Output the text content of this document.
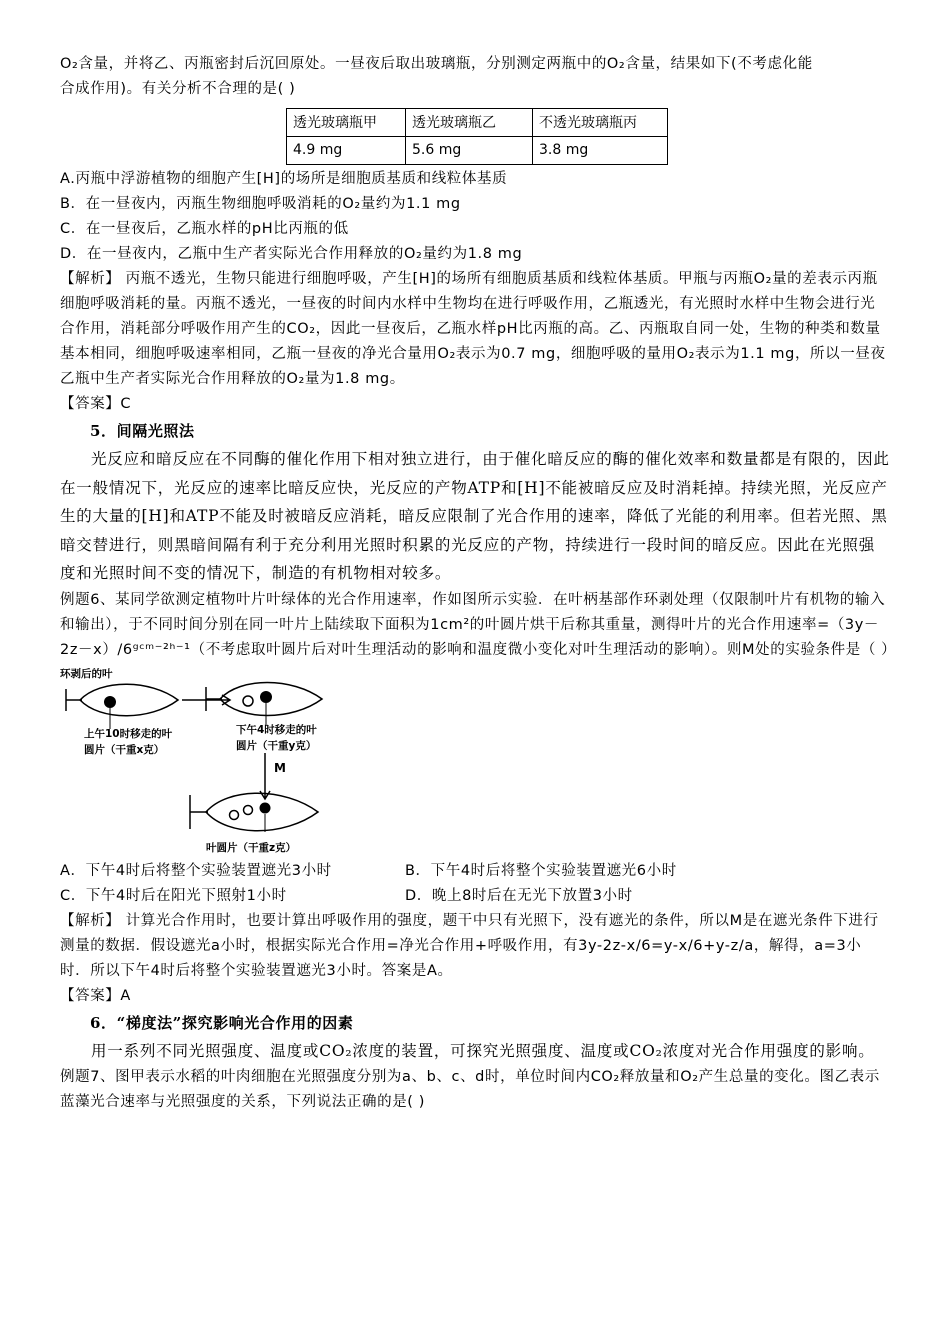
O₂含量，并将乙、丙瓶密封后沉回原处。一昼夜后取出玻璃瓶，分别测定两瓶中的O₂含量，结果如下(不考虑化能

合成作用)。有关分析不合理的是( )

透光玻璃瓶甲	透光玻璃瓶乙	不透光玻璃瓶丙
4.9 mg	5.6 mg	3.8 mg

A.丙瓶中浮游植物的细胞产生[H]的场所是细胞质基质和线粒体基质

B．在一昼夜内，丙瓶生物细胞呼吸消耗的O₂量约为1.1 mg

C．在一昼夜后，乙瓶水样的pH比丙瓶的低

D．在一昼夜内，乙瓶中生产者实际光合作用释放的O₂量约为1.8 mg

【解析】 丙瓶不透光，生物只能进行细胞呼吸，产生[H]的场所有细胞质基质和线粒体基质。甲瓶与丙瓶O₂量的差表示丙瓶细胞呼吸消耗的量。丙瓶不透光，一昼夜的时间内水样中生物均在进行呼吸作用，乙瓶透光，有光照时水样中生物会进行光合作用，消耗部分呼吸作用产生的CO₂，因此一昼夜后，乙瓶水样pH比丙瓶的高。乙、丙瓶取自同一处，生物的种类和数量基本相同，细胞呼吸速率相同，乙瓶一昼夜的净光合量用O₂表示为0.7 mg，细胞呼吸的量用O₂表示为1.1 mg，所以一昼夜乙瓶中生产者实际光合作用释放的O₂量为1.8 mg。

【答案】C

5．间隔光照法

光反应和暗反应在不同酶的催化作用下相对独立进行，由于催化暗反应的酶的催化效率和数量都是有限的，因此在一般情况下，光反应的速率比暗反应快，光反应的产物ATP和[H]不能被暗反应及时消耗掉。持续光照，光反应产生的大量的[H]和ATP不能及时被暗反应消耗，暗反应限制了光合作用的速率，降低了光能的利用率。但若光照、黑暗交替进行，则黑暗间隔有利于充分利用光照时积累的光反应的产物，持续进行一段时间的暗反应。因此在光照强度和光照时间不变的情况下，制造的有机物相对较多。

例题6、某同学欲测定植物叶片叶绿体的光合作用速率，作如图所示实验．在叶柄基部作环剥处理（仅限制叶片有机物的输入和输出），于不同时间分别在同一叶片上陆续取下面积为1cm²的叶圆片烘干后称其重量，测得叶片的光合作用速率=（3y－2z－x）/6ᵍᶜᵐ⁻²ʰ⁻¹（不考虑取叶圆片后对叶生理活动的影响和温度微小变化对叶生理活动的影响）。则M处的实验条件是（ ）

环剥后的叶
上午10时移走的叶
圆片（干重x克）
下午4时移走的叶
圆片（干重y克）
M
叶圆片（干重z克）

A．下午4时后将整个实验装置遮光3小时	B．下午4时后将整个实验装置遮光6小时

C．下午4时后在阳光下照射1小时	D．晚上8时后在无光下放置3小时

【解析】 计算光合作用时，也要计算出呼吸作用的强度，题干中只有光照下，没有遮光的条件，所以M是在遮光条件下进行测量的数据．假设遮光a小时，根据实际光合作用=净光合作用+呼吸作用，有3y-2z-x/6=y-x/6+y-z/a，解得，a=3小时．所以下午4时后将整个实验装置遮光3小时。答案是A。

【答案】A

6．“梯度法”探究影响光合作用的因素

用一系列不同光照强度、温度或CO₂浓度的装置，可探究光照强度、温度或CO₂浓度对光合作用强度的影响。

例题7、图甲表示水稻的叶肉细胞在光照强度分别为a、b、c、d时，单位时间内CO₂释放量和O₂产生总量的变化。图乙表示蓝藻光合速率与光照强度的关系，下列说法正确的是( )
